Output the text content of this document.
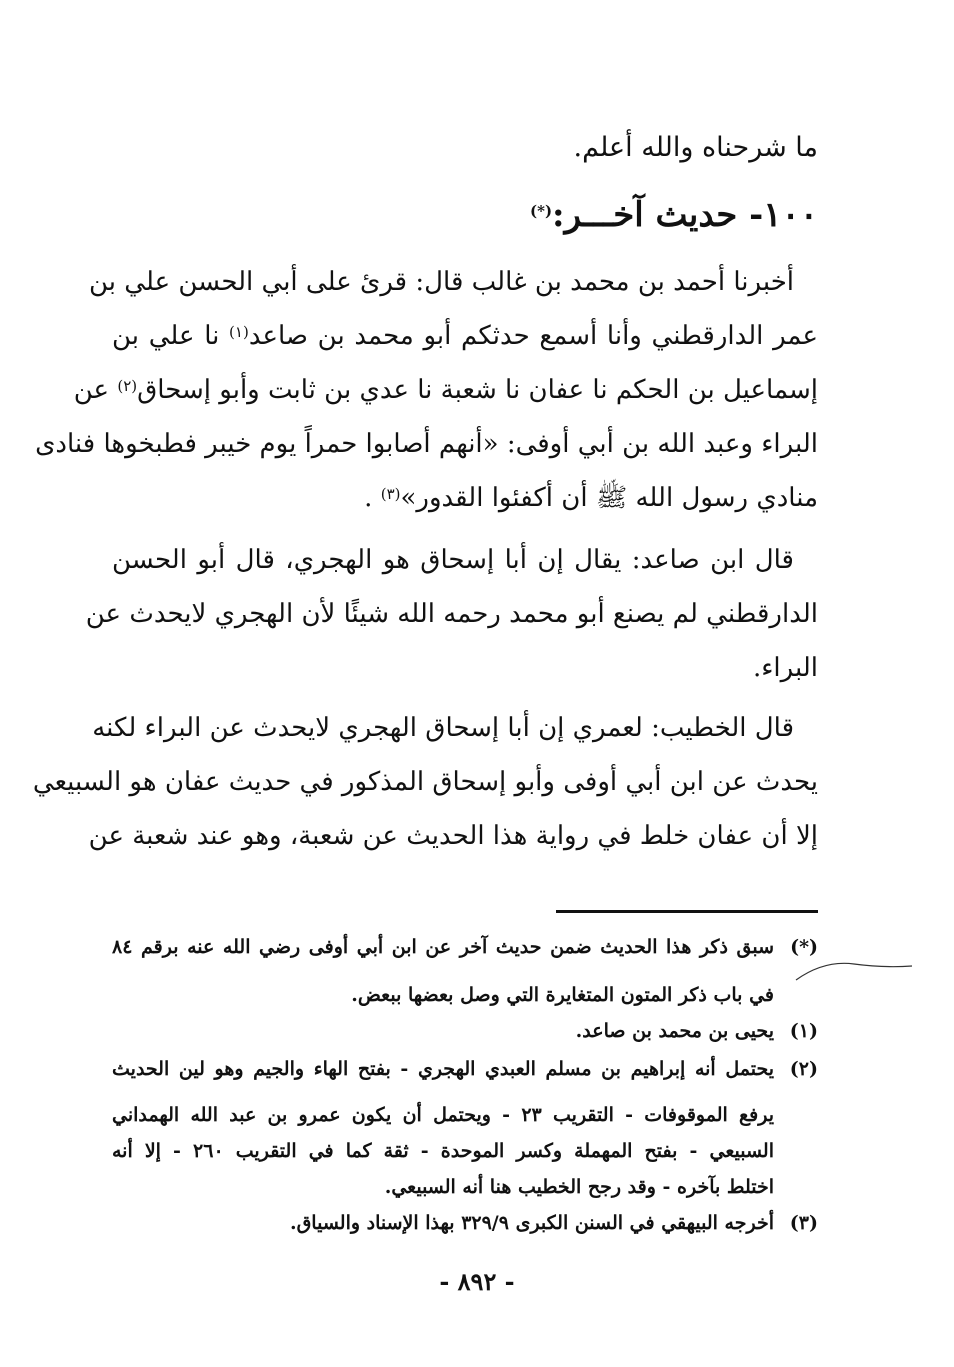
ما شرحناه والله أعلم.
١٠٠- حديث آخـــر:(*)
أخبرنا أحمد بن محمد بن غالب قال: قرئ على أبي الحسن علي بن
عمر الدارقطني وأنا أسمع حدثكم أبو محمد بن صاعد$^{(١)}$ نا علي بن
إسماعيل بن الحكم نا عفان نا شعبة نا عدي بن ثابت وأبو إسحاق$^{(٢)}$ عن
البراء وعبد الله بن أبي أوفى: «أنهم أصابوا حمراً يوم خيبر فطبخوها فنادى
منادي رسول الله ﷺ أن أكفئوا القدور»$^{(٣)}$ .
قال ابن صاعد: يقال إن أبا إسحاق هو الهجري، قال أبو الحسن
الدارقطني لم يصنع أبو محمد رحمه الله شيئًا لأن الهجري لايحدث عن
البراء.
قال الخطيب: لعمري إن أبا إسحاق الهجري لايحدث عن البراء لكنه
يحدث عن ابن أبي أوفى وأبو إسحاق المذكور في حديث عفان هو السبيعي
إلا أن عفان خلط في رواية هذا الحديث عن شعبة، وهو عند شعبة عن
(*)سبق ذكر هذا الحديث ضمن حديث آخر عن ابن أبي أوفى رضي الله عنه برقم ٨٤
في باب ذكر المتون المتغايرة التي وصل بعضها ببعض.
(١)يحيى بن محمد بن صاعد.
(٢)يحتمل أنه إبراهيم بن مسلم العبدي الهجري - بفتح الهاء والجيم وهو لين الحديث
يرفع الموقوفات - التقريب ٢٣ - ويحتمل أن يكون عمرو بن عبد الله الهمداني
السبيعي - بفتح المهملة وكسر الموحدة - ثقة كما في التقريب ٢٦٠ - إلا أنه
اختلط بآخره - وقد رجح الخطيب هنا أنه السبيعي.
(٣)أخرجه البيهقي في السنن الكبرى ٣٢٩/٩ بهذا الإسناد والسياق.
- ٨٩٢ -
